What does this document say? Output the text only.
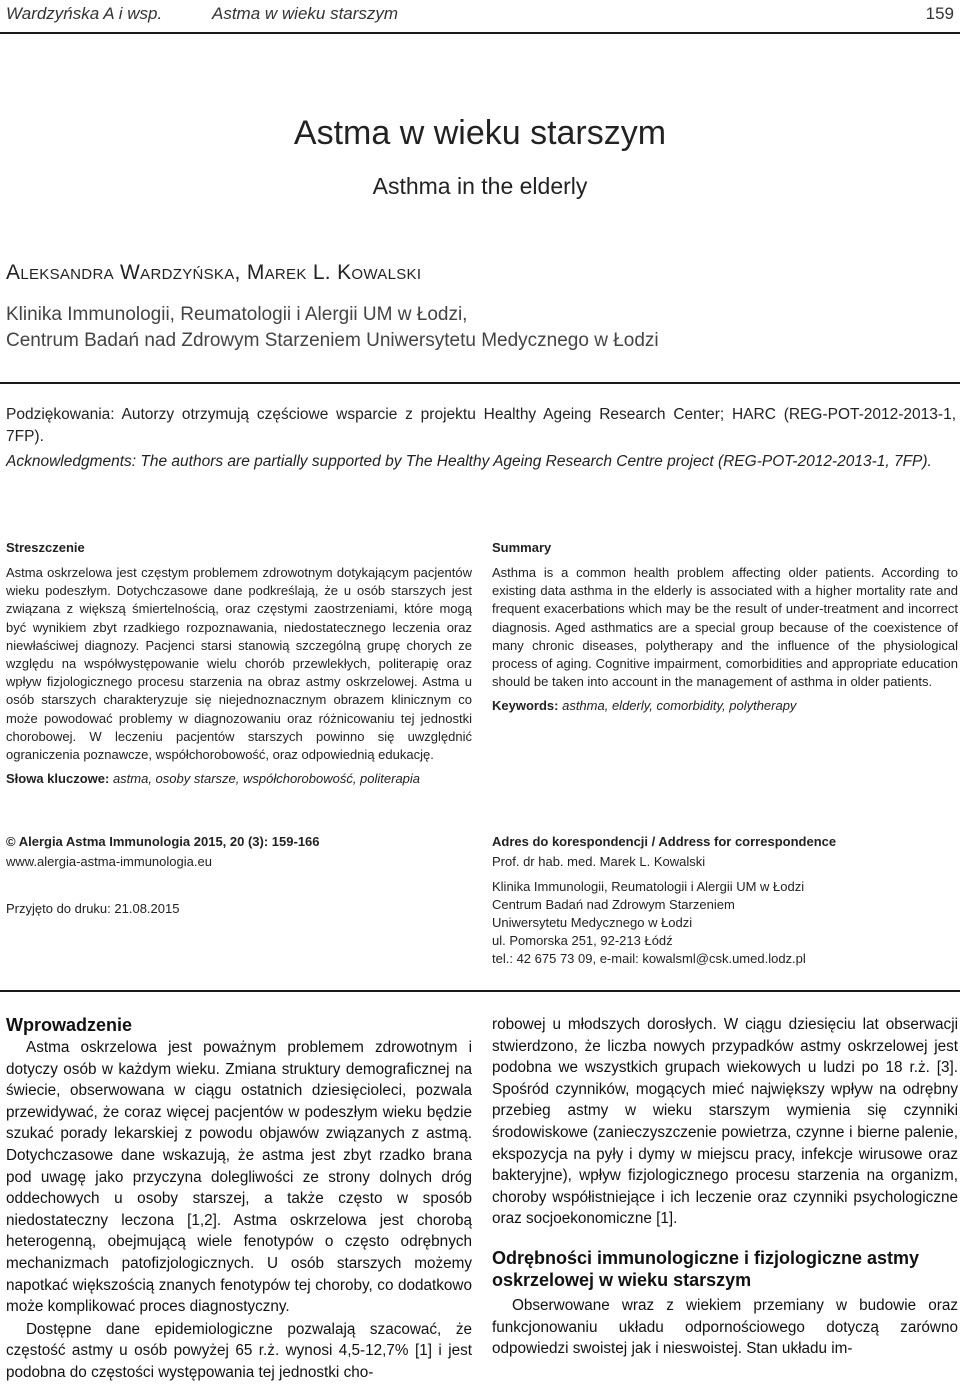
Wardzyńska A i wsp.	Astma w wieku starszym	159
Astma w wieku starszym
Asthma in the elderly
ALEKSANDRA WARDZYŃSKA, MAREK L. KOWALSKI
Klinika Immunologii, Reumatologii i Alergii UM w Łodzi,
Centrum Badań nad Zdrowym Starzeniem Uniwersytetu Medycznego w Łodzi
Podziękowania: Autorzy otrzymują częściowe wsparcie z projektu Healthy Ageing Research Center; HARC (REG-POT-2012-2013-1, 7FP).
Acknowledgments: The authors are partially supported by The Healthy Ageing Research Centre project (REG-POT-2012-2013-1, 7FP).
Streszczenie
Astma oskrzelowa jest częstym problemem zdrowotnym dotykającym pacjentów wieku podeszłym. Dotychczasowe dane podkreślają, że u osób starszych jest związana z większą śmiertelnością, oraz częstymi zaostrzeniami, które mogą być wynikiem zbyt rzadkiego rozpoznawania, niedostatecznego leczenia oraz niewłaściwej diagnozy. Pacjenci starsi stanowią szczególną grupę chorych ze względu na współwystępowanie wielu chorób przewlekłych, politerapię oraz wpływ fizjologicznego procesu starzenia na obraz astmy oskrzelowej. Astma u osób starszych charakteryzuje się niejednoznacznym obrazem klinicznym co może powodować problemy w diagnozowaniu oraz różnicowaniu tej jednostki chorobowej. W leczeniu pacjentów starszych powinno się uwzględnić ograniczenia poznawcze, współchorobowość, oraz odpowiednią edukację.
Słowa kluczowe: astma, osoby starsze, współchorobowość, politerapia
Summary
Asthma is a common health problem affecting older patients. According to existing data asthma in the elderly is associated with a higher mortality rate and frequent exacerbations which may be the result of under-treatment and incorrect diagnosis. Aged asthmatics are a special group because of the coexistence of many chronic diseases, polytherapy and the influence of the physiological process of aging. Cognitive impairment, comorbidities and appropriate education should be taken into account in the management of asthma in older patients.
Keywords: asthma, elderly, comorbidity, polytherapy
© Alergia Astma Immunologia 2015, 20 (3): 159-166
www.alergia-astma-immunologia.eu
Przyjęto do druku: 21.08.2015
Adres do korespondencji / Address for correspondence
Prof. dr hab. med. Marek L. Kowalski
Klinika Immunologii, Reumatologii i Alergii UM w Łodzi
Centrum Badań nad Zdrowym Starzeniem
Uniwersytetu Medycznego w Łodzi
ul. Pomorska 251, 92-213 Łódź
tel.: 42 675 73 09, e-mail: kowalsml@csk.umed.lodz.pl
Wprowadzenie
Astma oskrzelowa jest poważnym problemem zdrowotnym i dotyczy osób w każdym wieku. Zmiana struktury demograficznej na świecie, obserwowana w ciągu ostatnich dziesięcioleci, pozwala przewidywać, że coraz więcej pacjentów w podeszłym wieku będzie szukać porady lekarskiej z powodu objawów związanych z astmą. Dotychczasowe dane wskazują, że astma jest zbyt rzadko brana pod uwagę jako przyczyna dolegliwości ze strony dolnych dróg oddechowych u osoby starszej, a także często w sposób niedostateczny leczona [1,2]. Astma oskrzelowa jest chorobą heterogenną, obejmującą wiele fenotypów o często odrębnych mechanizmach patofizjologicznych. U osób starszych możemy napotkać większością znanych fenotypów tej choroby, co dodatkowo może komplikować proces diagnostyczny.
Dostępne dane epidemiologiczne pozwalają szacować, że częstość astmy u osób powyżej 65 r.ż. wynosi 4,5-12,7% [1] i jest podobna do częstości występowania tej jednostki cho-
robowej u młodszych dorosłych. W ciągu dziesięciu lat obserwacji stwierdzono, że liczba nowych przypadków astmy oskrzelowej jest podobna we wszystkich grupach wiekowych u ludzi po 18 r.ż. [3]. Spośród czynników, mogących mieć największy wpływ na odrębny przebieg astmy w wieku starszym wymienia się czynniki środowiskowe (zanieczyszczenie powietrza, czynne i bierne palenie, ekspozycja na pyły i dymy w miejscu pracy, infekcje wirusowe oraz bakteryjne), wpływ fizjologicznego procesu starzenia na organizm, choroby współistniejące i ich leczenie oraz czynniki psychologiczne oraz socjoekonomiczne [1].
Odrębności immunologiczne i fizjologiczne astmy oskrzelowej w wieku starszym
Obserwowane wraz z wiekiem przemiany w budowie oraz funkcjonowaniu układu odpornościowego dotyczą zarówno odpowiedzi swoistej jak i nieswoistej. Stan układu im-
